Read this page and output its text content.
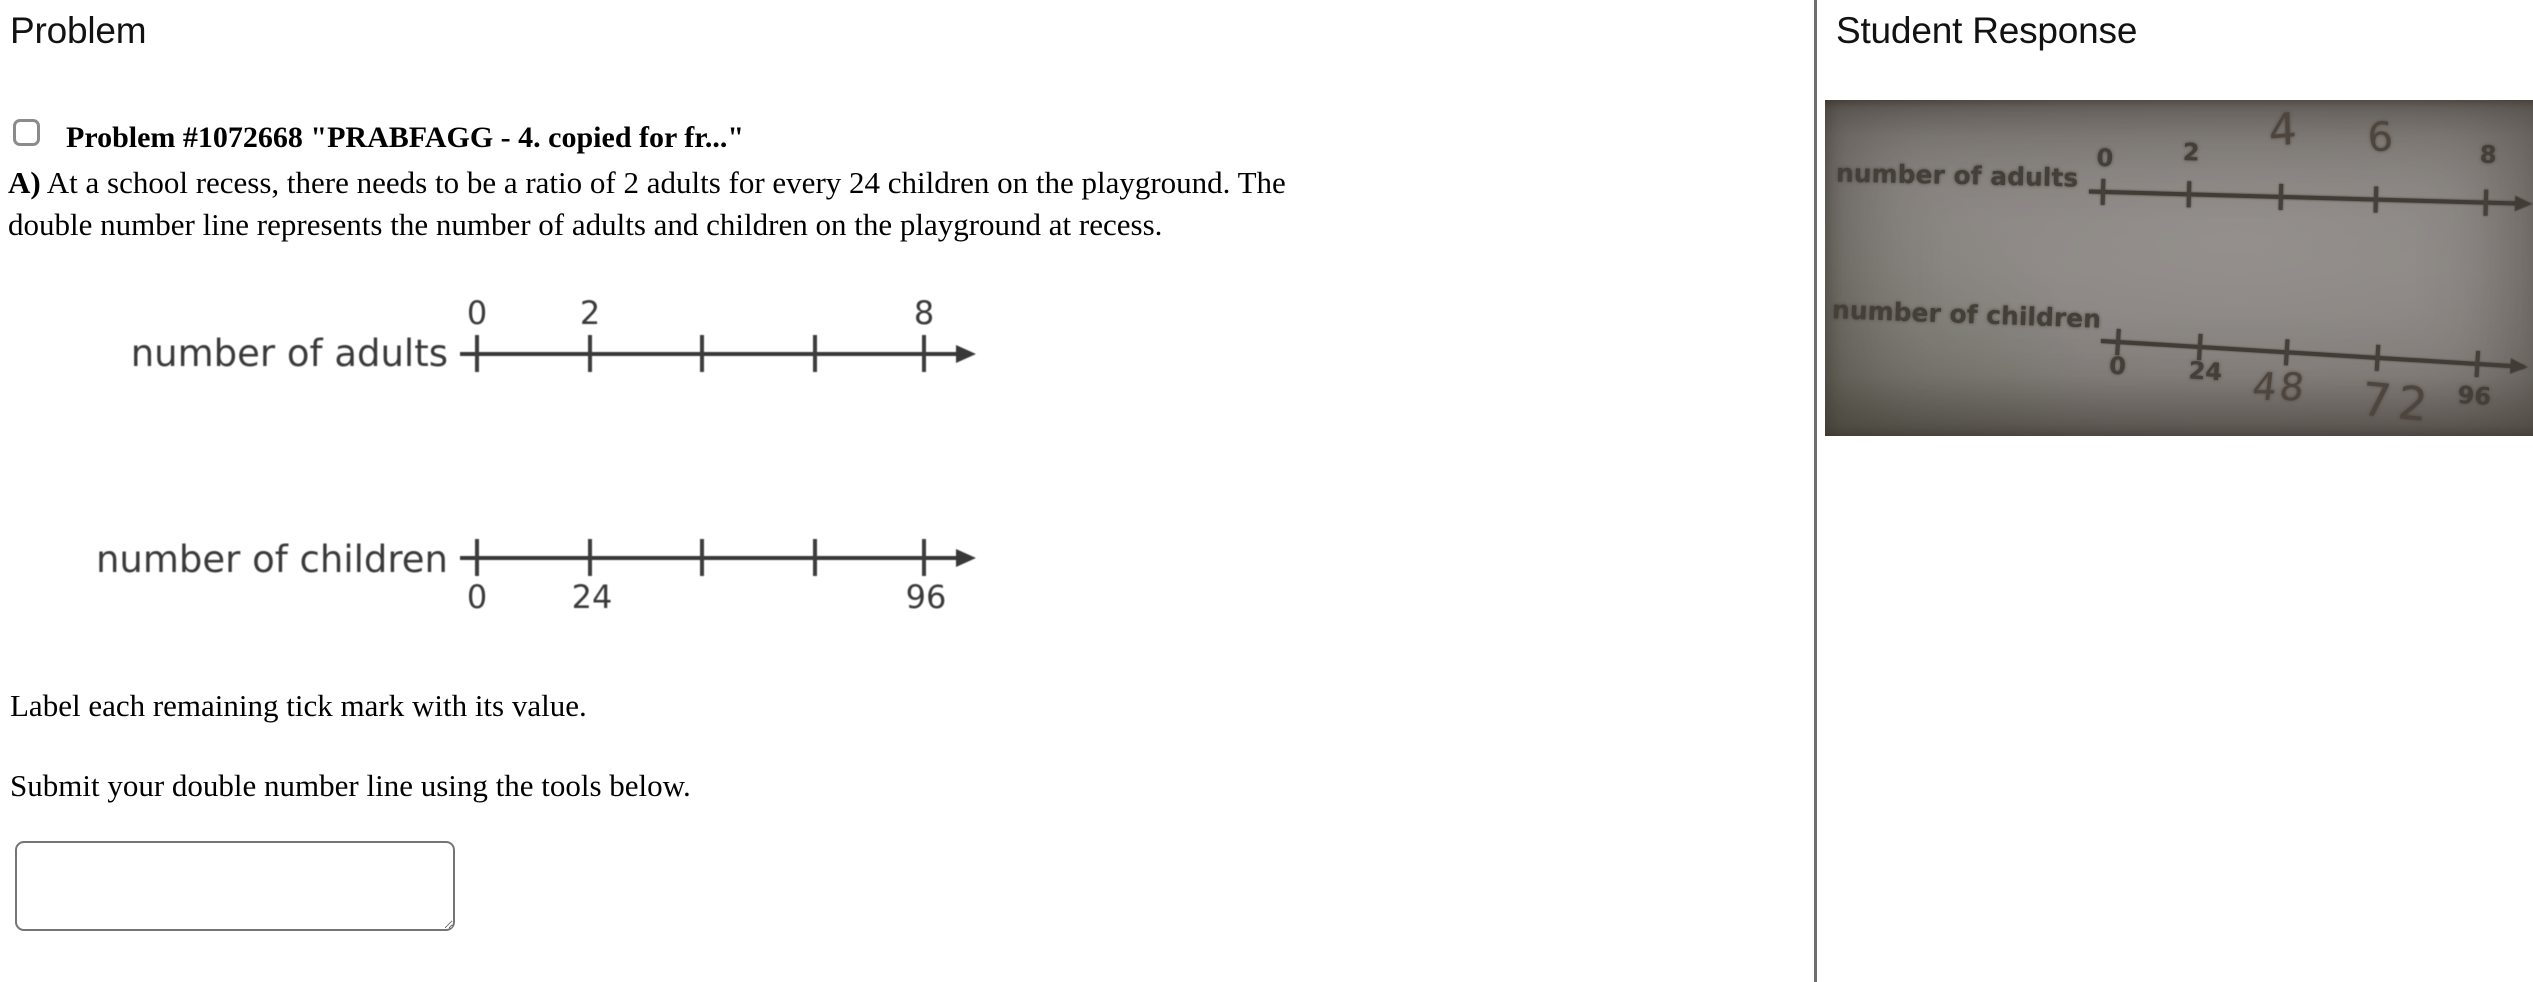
Problem
Problem #1072668 "PRABFAGG - 4. copied for fr..."
A) At a school recess, there needs to be a ratio of 2 adults for every 24 children on the playground. The
double number line represents the number of adults and children on the playground at recess.
number of adults
0	2	8
number of children
0	24	96
Label each remaining tick mark with its value.
Submit your double number line using the tools below.
Student Response
number of adults
0	2 4 6	8
number of children
0	24 48 72 96
